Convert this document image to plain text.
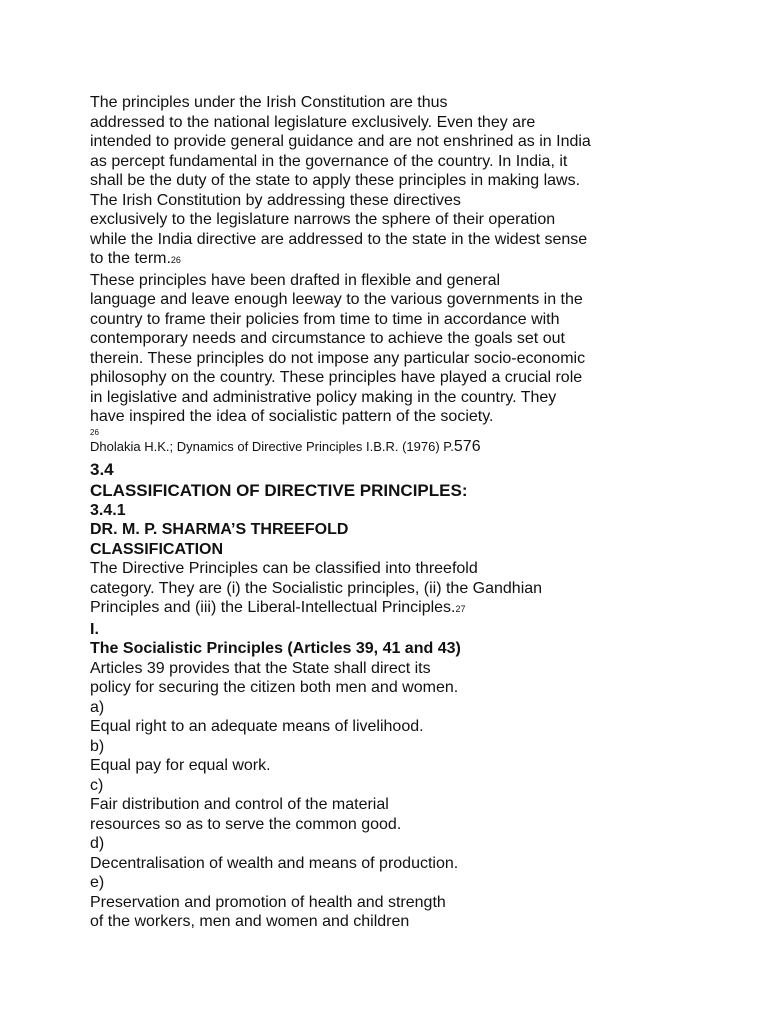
The principles under the Irish Constitution are thus
addressed to the national legislature exclusively. Even they are
intended to provide general guidance and are not enshrined as in India
as percept fundamental in the governance of the country. In India, it
shall be the duty of the state to apply these principles in making laws.
The Irish Constitution by addressing these directives
exclusively to the legislature narrows the sphere of their operation
while the India directive are addressed to the state in the widest sense
to the term.26
These principles have been drafted in flexible and general
language and leave enough leeway to the various governments in the
country to frame their policies from time to time in accordance with
contemporary needs and circumstance to achieve the goals set out
therein. These principles do not impose any particular socio-economic
philosophy on the country. These principles have played a crucial role
in legislative and administrative policy making in the country. They
have inspired the idea of socialistic pattern of the society.
26
Dholakia H.K.; Dynamics of Directive Principles I.B.R. (1976) P.576
3.4
CLASSIFICATION OF DIRECTIVE PRINCIPLES:
3.4.1
DR. M. P. SHARMA’S THREEFOLD
CLASSIFICATION
The Directive Principles can be classified into threefold
category. They are (i) the Socialistic principles, (ii) the Gandhian
Principles and (iii) the Liberal-Intellectual Principles.27
I.
The Socialistic Principles (Articles 39, 41 and 43)
Articles 39 provides that the State shall direct its
policy for securing the citizen both men and women.
a)
Equal right to an adequate means of livelihood.
b)
Equal pay for equal work.
c)
Fair distribution and control of the material
resources so as to serve the common good.
d)
Decentralisation of wealth and means of production.
e)
Preservation and promotion of health and strength
of the workers, men and women and children
